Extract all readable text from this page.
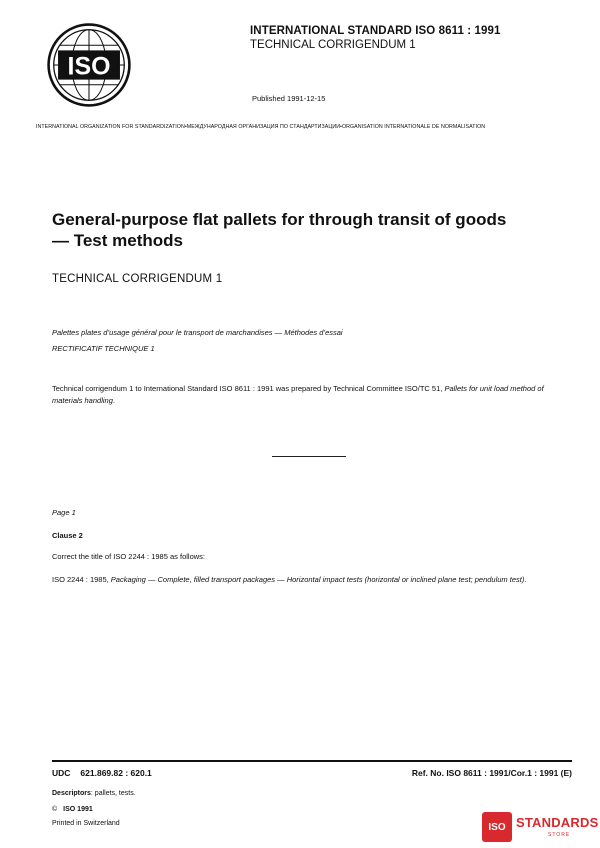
ISO
INTERNATIONAL STANDARD ISO 8611 : 1991
TECHNICAL CORRIGENDUM 1
Published 1991-12-15
INTERNATIONAL ORGANIZATION FOR STANDARDIZATION•МЕЖДУНАРОДНАЯ ОРГАНИЗАЦИЯ ПО СТАНДАРТИЗАЦИИ•ORGANISATION INTERNATIONALE DE NORMALISATION
General-purpose flat pallets for through transit of goods — Test methods
TECHNICAL CORRIGENDUM 1
Palettes plates d’usage général pour le transport de marchandises — Méthodes d’essai
RECTIFICATIF TECHNIQUE 1
Technical corrigendum 1 to International Standard ISO 8611 : 1991 was prepared by Technical Committee ISO/TC 51, Pallets for unit load method of materials handling.
Page 1
Clause 2
Correct the title of ISO 2244 : 1985 as follows:
ISO 2244 : 1985, Packaging — Complete, filled transport packages — Horizontal impact tests (horizontal or inclined plane test; pendulum test).
UDC 621.869.82 : 620.1	Ref. No. ISO 8611 : 1991/Cor.1 : 1991 (E)
Descriptors: pallets, tests.
© ISO 1991
Printed in Switzerland	ISO STANDARDS
STORE
